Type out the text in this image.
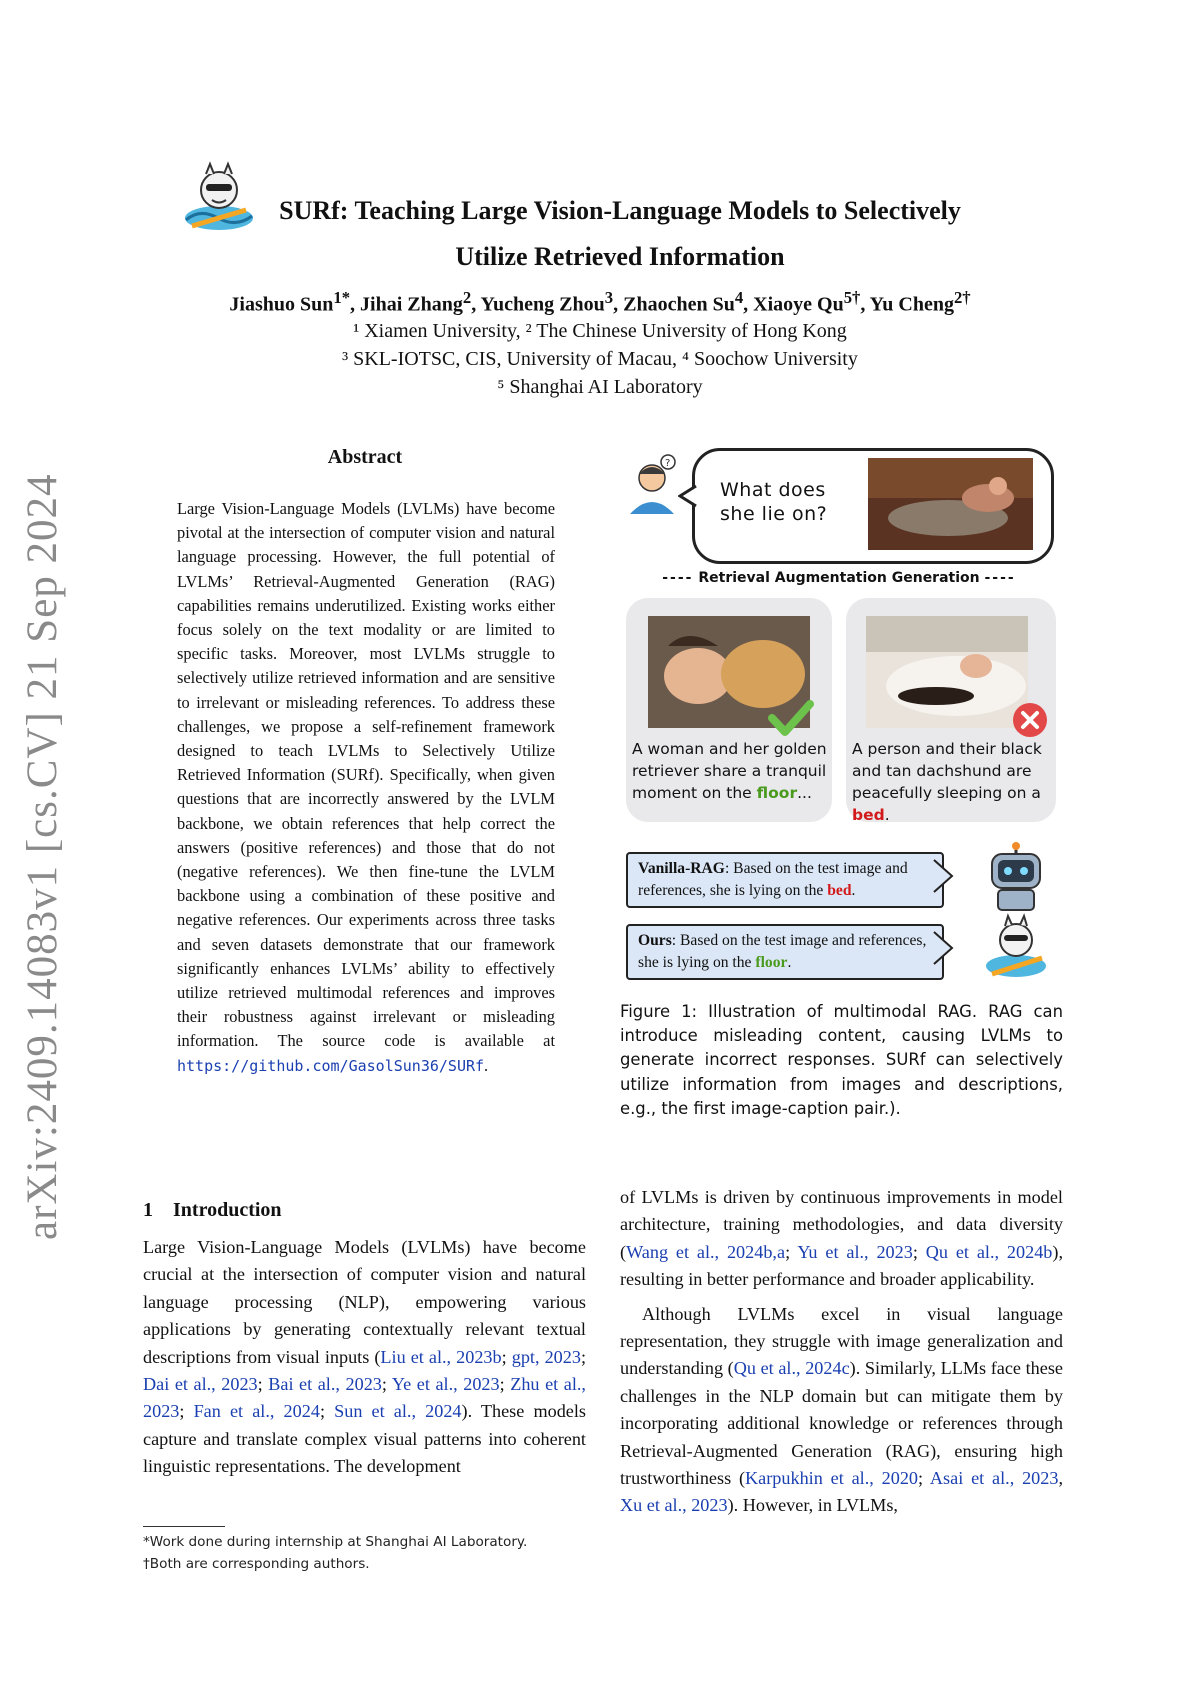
arXiv:2409.14083v1 [cs.CV] 21 Sep 2024
SURf: Teaching Large Vision-Language Models to Selectively
Utilize Retrieved Information
Jiashuo Sun$^{1*}$, Jihai Zhang$^2$, Yucheng Zhou$^3$, Zhaochen Su$^4$, Xiaoye $Qu^{5\dagger}$, Yu Cheng$^{2\dagger}$
¹ Xiamen University, ² The Chinese University of Hong Kong
³ SKL-IOTSC, CIS, University of Macau, ⁴ Soochow University
⁵ Shanghai AI Laboratory
Abstract
Large Vision-Language Models (LVLMs) have become pivotal at the intersection of computer vision and natural language processing. However, the full potential of LVLMs’ Retrieval-Augmented Generation (RAG) capabilities remains underutilized. Existing works either focus solely on the text modality or are limited to specific tasks. Moreover, most LVLMs struggle to selectively utilize retrieved information and are sensitive to irrelevant or misleading references. To address these challenges, we propose a self-refinement framework designed to teach LVLMs to Selectively Utilize Retrieved Information (SURf). Specifically, when given questions that are incorrectly answered by the LVLM backbone, we obtain references that help correct the answers (positive references) and those that do not (negative references). We then fine-tune the LVLM backbone using a combination of these positive and negative references. Our experiments across three tasks and seven datasets demonstrate that our framework significantly enhances LVLMs’ ability to effectively utilize retrieved multimodal references and improves their robustness against irrelevant or misleading information. The source code is available at https://github.com/GasolSun36/SURf.
1 Introduction
Large Vision-Language Models (LVLMs) have become crucial at the intersection of computer vision and natural language processing (NLP), empowering various applications by generating contextually relevant textual descriptions from visual inputs (Liu et al., 2023b; gpt, 2023; Dai et al., 2023; Bai et al., 2023; Ye et al., 2023; Zhu et al., 2023; Fan et al., 2024; Sun et al., 2024). These models capture and translate complex visual patterns into coherent linguistic representations. The development
*Work done during internship at Shanghai AI Laboratory.
†Both are corresponding authors.

of LVLMs is driven by continuous improvements in model architecture, training methodologies, and data diversity (Wang et al., 2024b,a; Yu et al., 2023; Qu et al., 2024b), resulting in better performance and broader applicability.

Although LVLMs excel in visual language representation, they struggle with image generalization and understanding (Qu et al., 2024c). Similarly, LLMs face these challenges in the NLP domain but can mitigate them by incorporating additional knowledge or references through Retrieval-Augmented Generation (RAG), ensuring high trustworthiness (Karpukhin et al., 2020; Asai et al., 2023, Xu et al., 2023). However, in LVLMs,

?
What does she lie on?
---- Retrieval Augmentation Generation ----
A woman and her golden retriever share a tranquil moment on the floor...
A person and their black and tan dachshund are peacefully sleeping on a bed.
Vanilla-RAG: Based on the test image and references, she is lying on the bed.
Ours: Based on the test image and references, she is lying on the floor.
Figure 1: Illustration of multimodal RAG. RAG can introduce misleading content, causing LVLMs to generate incorrect responses. SURf can selectively utilize information from images and descriptions, e.g., the first image-caption pair.).
